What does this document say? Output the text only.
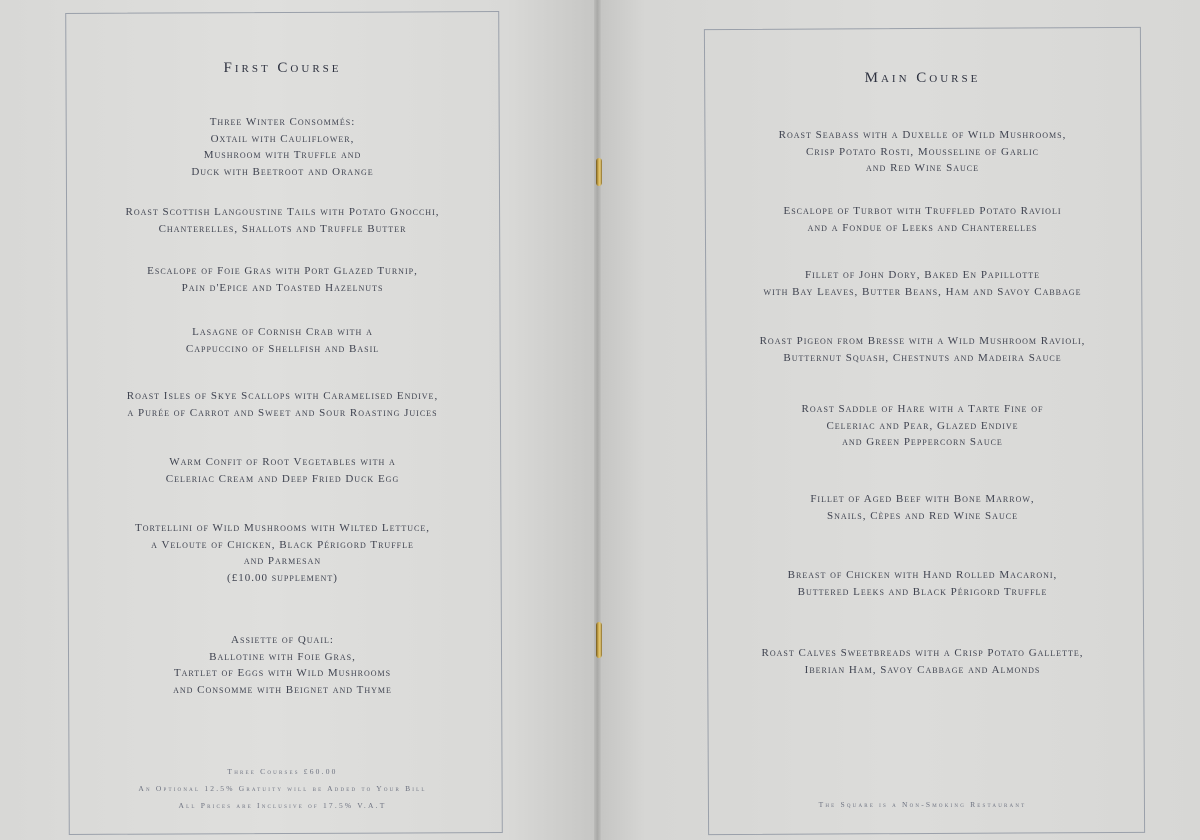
First Course
Three Winter Consommés:
Oxtail with Cauliflower,
Mushroom with Truffle and
Duck with Beetroot and Orange
Roast Scottish Langoustine Tails with Potato Gnocchi,
Chanterelles, Shallots and Truffle Butter
Escalope of Foie Gras with Port Glazed Turnip,
Pain d'Epice and Toasted Hazelnuts
Lasagne of Cornish Crab with a
Cappuccino of Shellfish and Basil
Roast Isles of Skye Scallops with Caramelised Endive,
a Purée of Carrot and Sweet and Sour Roasting Juices
Warm Confit of Root Vegetables with a
Celeriac Cream and Deep Fried Duck Egg
Tortellini of Wild Mushrooms with Wilted Lettuce,
a Veloute of Chicken, Black Périgord Truffle
and Parmesan
(£10.00 supplement)
Assiette of Quail:
Ballotine with Foie Gras,
Tartlet of Eggs with Wild Mushrooms
and Consomme with Beignet and Thyme
Three Courses £60.00
An Optional 12.5% Gratuity will be Added to Your Bill
All Prices are Inclusive of 17.5% V.A.T
Main Course
Roast Seabass with a Duxelle of Wild Mushrooms,
Crisp Potato Rosti, Mousseline of Garlic
and Red Wine Sauce
Escalope of Turbot with Truffled Potato Ravioli
and a Fondue of Leeks and Chanterelles
Fillet of John Dory, Baked En Papillotte
with Bay Leaves, Butter Beans, Ham and Savoy Cabbage
Roast Pigeon from Bresse with a Wild Mushroom Ravioli,
Butternut Squash, Chestnuts and Madeira Sauce
Roast Saddle of Hare with a Tarte Fine of
Celeriac and Pear, Glazed Endive
and Green Peppercorn Sauce
Fillet of Aged Beef with Bone Marrow,
Snails, Cèpes and Red Wine Sauce
Breast of Chicken with Hand Rolled Macaroni,
Buttered Leeks and Black Périgord Truffle
Roast Calves Sweetbreads with a Crisp Potato Gallette,
Iberian Ham, Savoy Cabbage and Almonds
The Square is a Non-Smoking Restaurant
